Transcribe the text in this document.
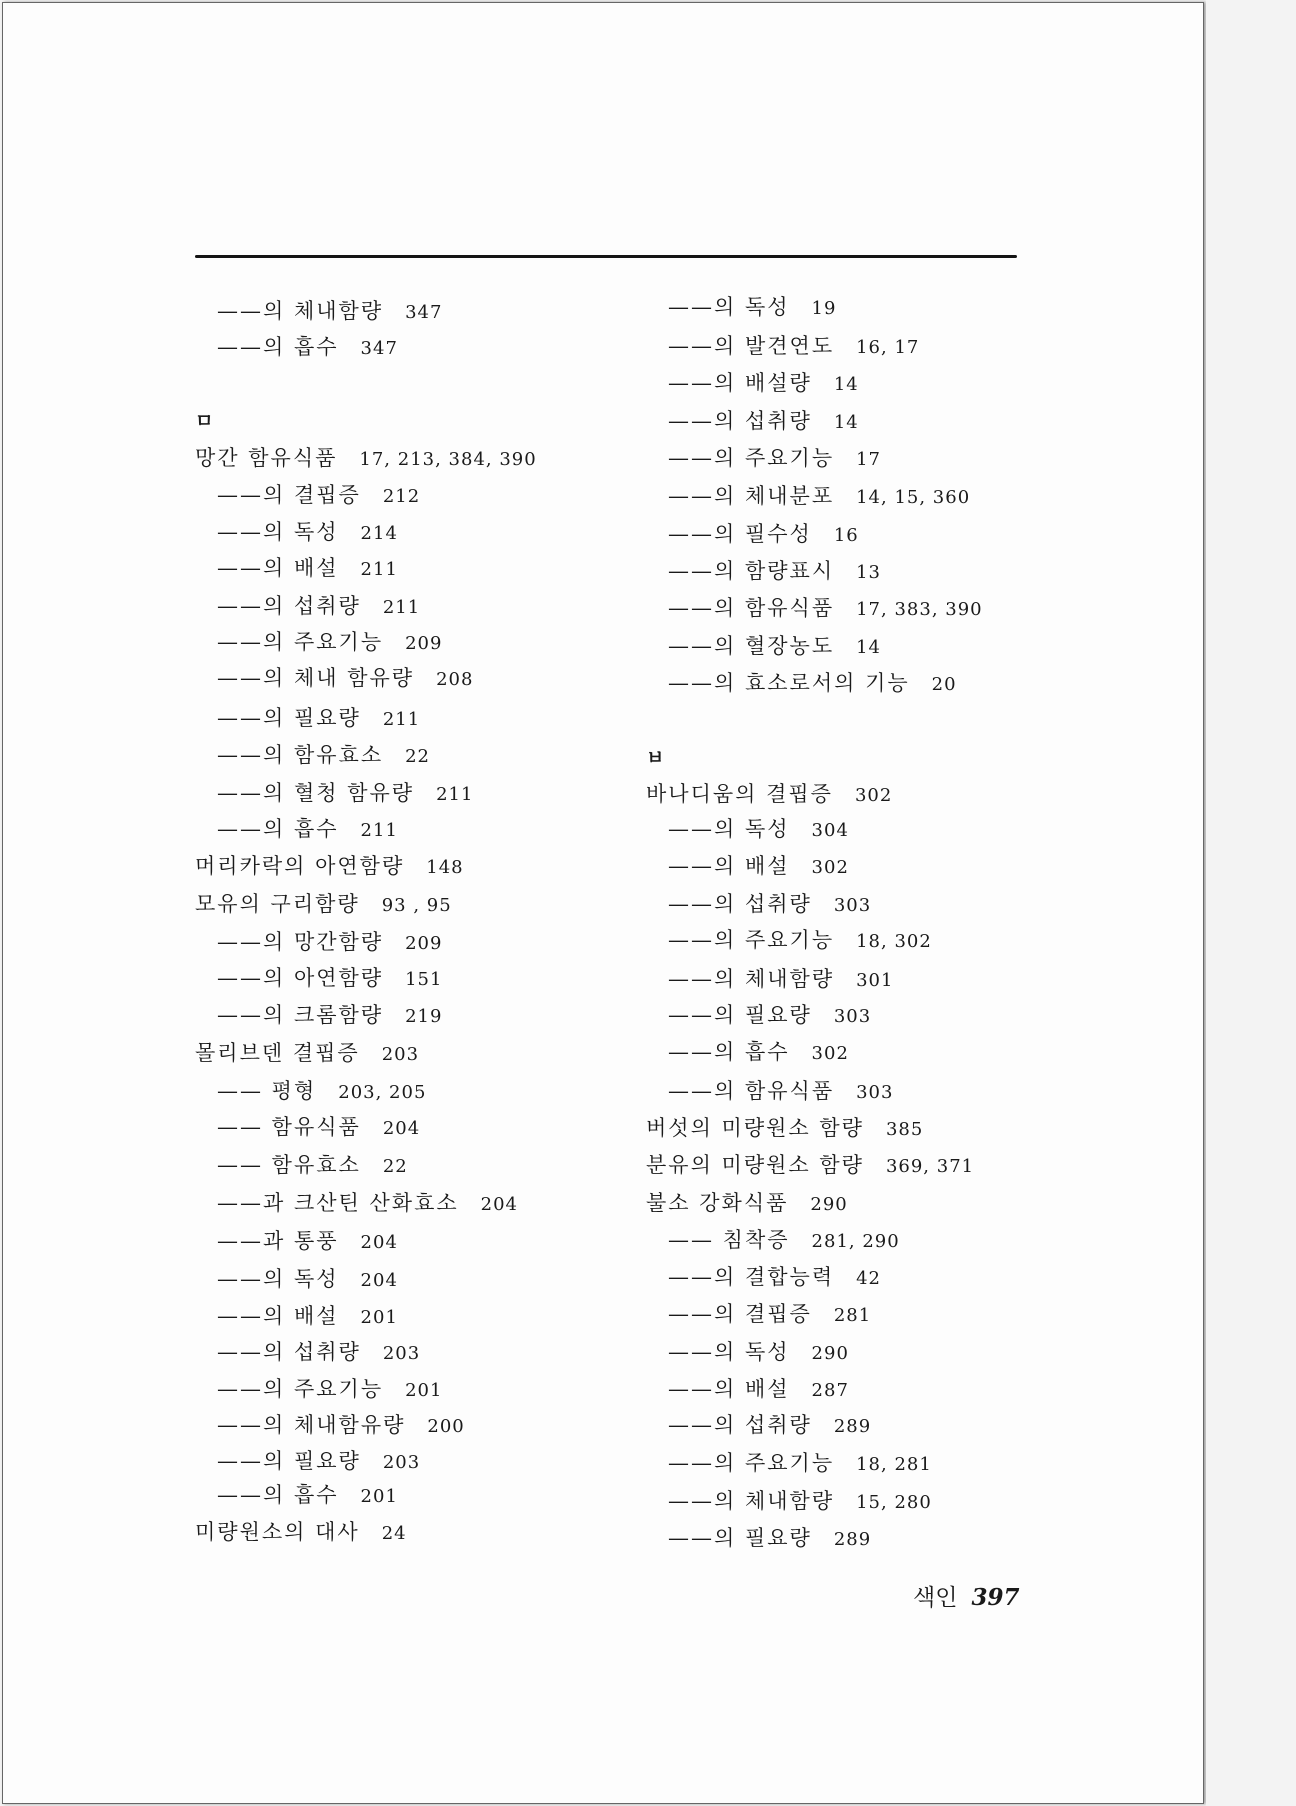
——의 체내함량 347
——의 흡수 347
ㅁ
망간 함유식품 17, 213, 384, 390
——의 결핍증 212
——의 독성 214
——의 배설 211
——의 섭취량 211
——의 주요기능 209
——의 체내 함유량 208
——의 필요량 211
——의 함유효소 22
——의 혈청 함유량 211
——의 흡수 211
머리카락의 아연함량 148
모유의 구리함량 93 , 95
——의 망간함량 209
——의 아연함량 151
——의 크롬함량 219
몰리브덴 결핍증 203
—— 평형 203, 205
—— 함유식품 204
—— 함유효소 22
——과 크산틴 산화효소 204
——과 통풍 204
——의 독성 204
——의 배설 201
——의 섭취량 203
——의 주요기능 201
——의 체내함유량 200
——의 필요량 203
——의 흡수 201
미량원소의 대사 24
——의 독성 19
——의 발견연도 16, 17
——의 배설량 14
——의 섭취량 14
——의 주요기능 17
——의 체내분포 14, 15, 360
——의 필수성 16
——의 함량표시 13
——의 함유식품 17, 383, 390
——의 혈장농도 14
——의 효소로서의 기능 20
ㅂ
바나디움의 결핍증 302
——의 독성 304
——의 배설 302
——의 섭취량 303
——의 주요기능 18, 302
——의 체내함량 301
——의 필요량 303
——의 흡수 302
——의 함유식품 303
버섯의 미량원소 함량 385
분유의 미량원소 함량 369, 371
불소 강화식품 290
—— 침착증 281, 290
——의 결합능력 42
——의 결핍증 281
——의 독성 290
——의 배설 287
——의 섭취량 289
——의 주요기능 18, 281
——의 체내함량 15, 280
——의 필요량 289
색인 397
